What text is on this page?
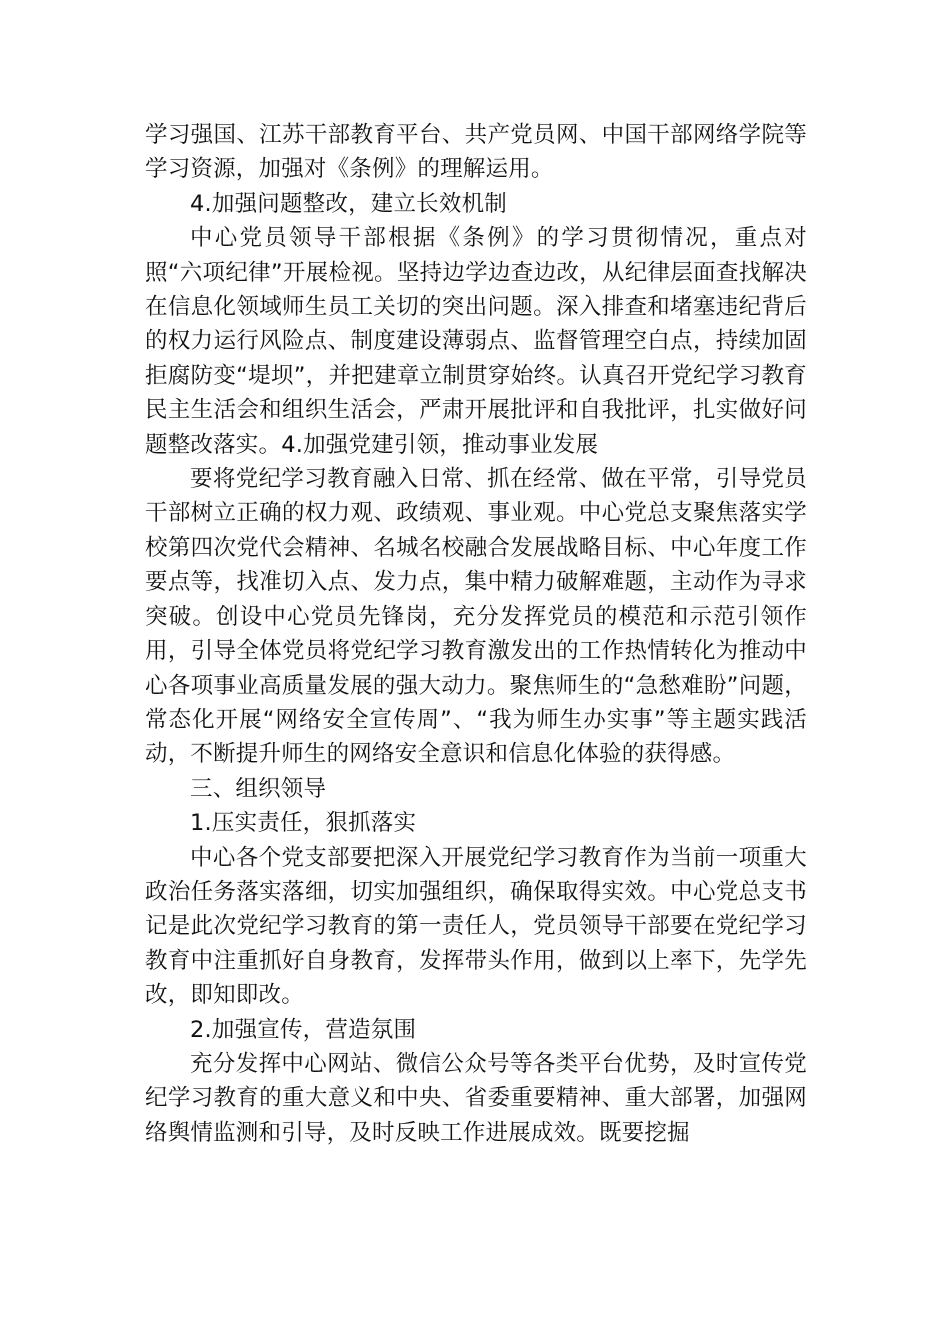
学习强国、江苏干部教育平台、共产党员网、中国干部网络学院等学习资源，加强对《条例》的理解运用。

4.加强问题整改，建立长效机制

中心党员领导干部根据《条例》的学习贯彻情况，重点对照“六项纪律”开展检视。坚持边学边查边改，从纪律层面查找解决在信息化领域师生员工关切的突出问题。深入排查和堵塞违纪背后的权力运行风险点、制度建设薄弱点、监督管理空白点，持续加固拒腐防变“堤坝”，并把建章立制贯穿始终。认真召开党纪学习教育民主生活会和组织生活会，严肃开展批评和自我批评，扎实做好问题整改落实。4.加强党建引领，推动事业发展

要将党纪学习教育融入日常、抓在经常、做在平常，引导党员干部树立正确的权力观、政绩观、事业观。中心党总支聚焦落实学校第四次党代会精神、名城名校融合发展战略目标、中心年度工作要点等，找准切入点、发力点，集中精力破解难题，主动作为寻求突破。创设中心党员先锋岗，充分发挥党员的模范和示范引领作用，引导全体党员将党纪学习教育激发出的工作热情转化为推动中心各项事业高质量发展的强大动力。聚焦师生的“急愁难盼”问题，常态化开展“网络安全宣传周”、“我为师生办实事”等主题实践活动，不断提升师生的网络安全意识和信息化体验的获得感。

三、组织领导

1.压实责任，狠抓落实

中心各个党支部要把深入开展党纪学习教育作为当前一项重大政治任务落实落细，切实加强组织，确保取得实效。中心党总支书记是此次党纪学习教育的第一责任人，党员领导干部要在党纪学习教育中注重抓好自身教育，发挥带头作用，做到以上率下，先学先改，即知即改。

2.加强宣传，营造氛围

充分发挥中心网站、微信公众号等各类平台优势，及时宣传党纪学习教育的重大意义和中央、省委重要精神、重大部署，加强网络舆情监测和引导，及时反映工作进展成效。既要挖掘
